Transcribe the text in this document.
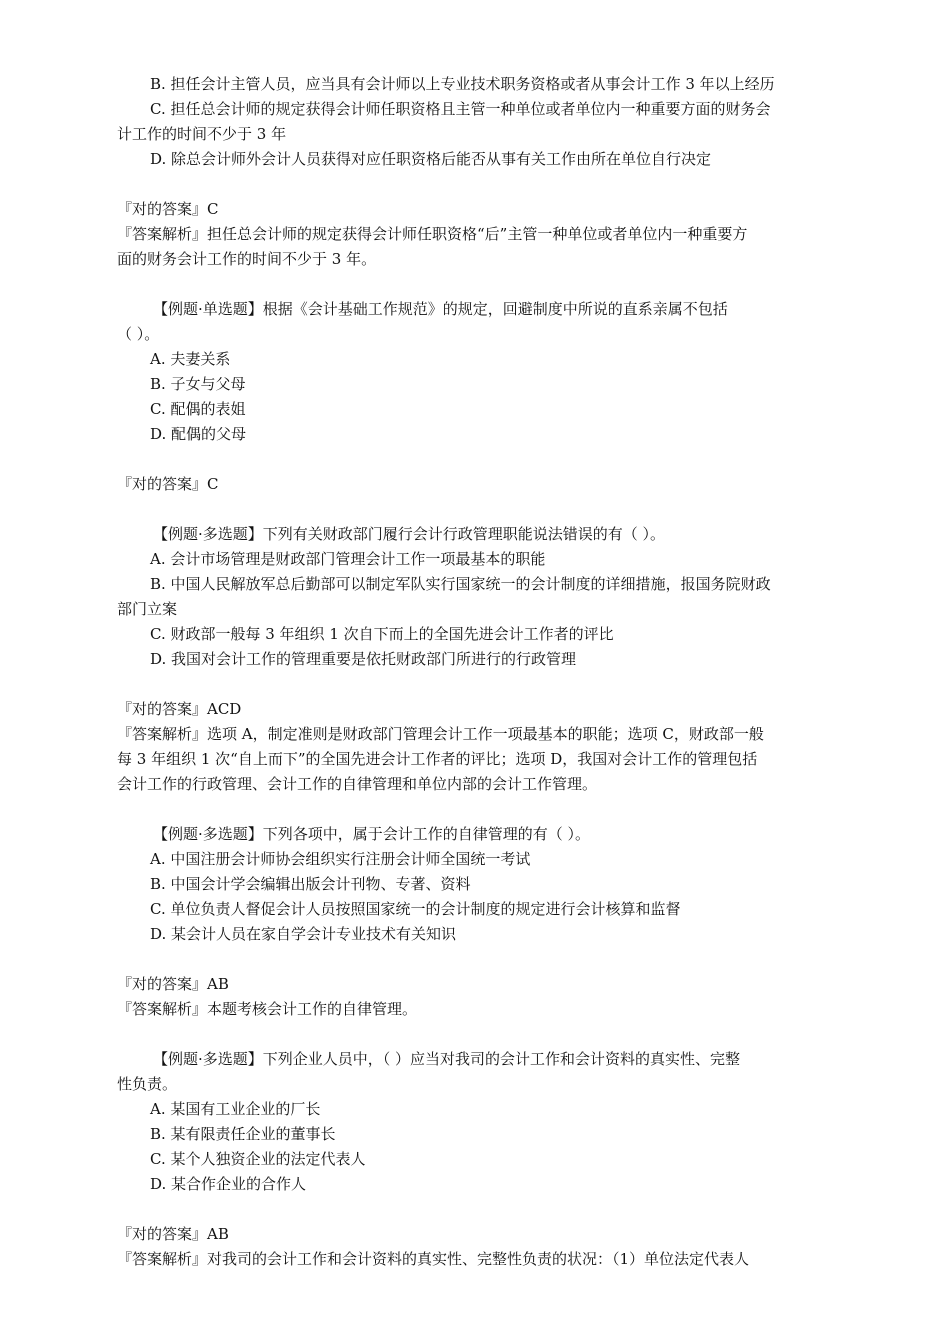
B. 担任会计主管人员，应当具有会计师以上专业技术职务资格或者从事会计工作 3 年以上经历

C. 担任总会计师的规定获得会计师任职资格且主管一种单位或者单位内一种重要方面的财务会

计工作的时间不少于 3 年

D. 除总会计师外会计人员获得对应任职资格后能否从事有关工作由所在单位自行决定

『对的答案』C

『答案解析』担任总会计师的规定获得会计师任职资格“后”主管一种单位或者单位内一种重要方

面的财务会计工作的时间不少于 3 年。

【例题·单选题】根据《会计基础工作规范》的规定，回避制度中所说的直系亲属不包括

（ ）。

A. 夫妻关系

B. 子女与父母

C. 配偶的表姐

D. 配偶的父母

『对的答案』C

【例题·多选题】下列有关财政部门履行会计行政管理职能说法错误的有（ ）。

A. 会计市场管理是财政部门管理会计工作一项最基本的职能

B. 中国人民解放军总后勤部可以制定军队实行国家统一的会计制度的详细措施，报国务院财政

部门立案

C. 财政部一般每 3 年组织 1 次自下而上的全国先进会计工作者的评比

D. 我国对会计工作的管理重要是依托财政部门所进行的行政管理

『对的答案』ACD

『答案解析』选项 A，制定准则是财政部门管理会计工作一项最基本的职能；选项 C，财政部一般

每 3 年组织 1 次“自上而下”的全国先进会计工作者的评比；选项 D，我国对会计工作的管理包括

会计工作的行政管理、会计工作的自律管理和单位内部的会计工作管理。

【例题·多选题】下列各项中，属于会计工作的自律管理的有（ ）。

A. 中国注册会计师协会组织实行注册会计师全国统一考试

B. 中国会计学会编辑出版会计刊物、专著、资料

C. 单位负责人督促会计人员按照国家统一的会计制度的规定进行会计核算和监督

D. 某会计人员在家自学会计专业技术有关知识

『对的答案』AB

『答案解析』本题考核会计工作的自律管理。

【例题·多选题】下列企业人员中，（ ）应当对我司的会计工作和会计资料的真实性、完整

性负责。

A. 某国有工业企业的厂长

B. 某有限责任企业的董事长

C. 某个人独资企业的法定代表人

D. 某合作企业的合作人

『对的答案』AB

『答案解析』对我司的会计工作和会计资料的真实性、完整性负责的状况：（1）单位法定代表人
